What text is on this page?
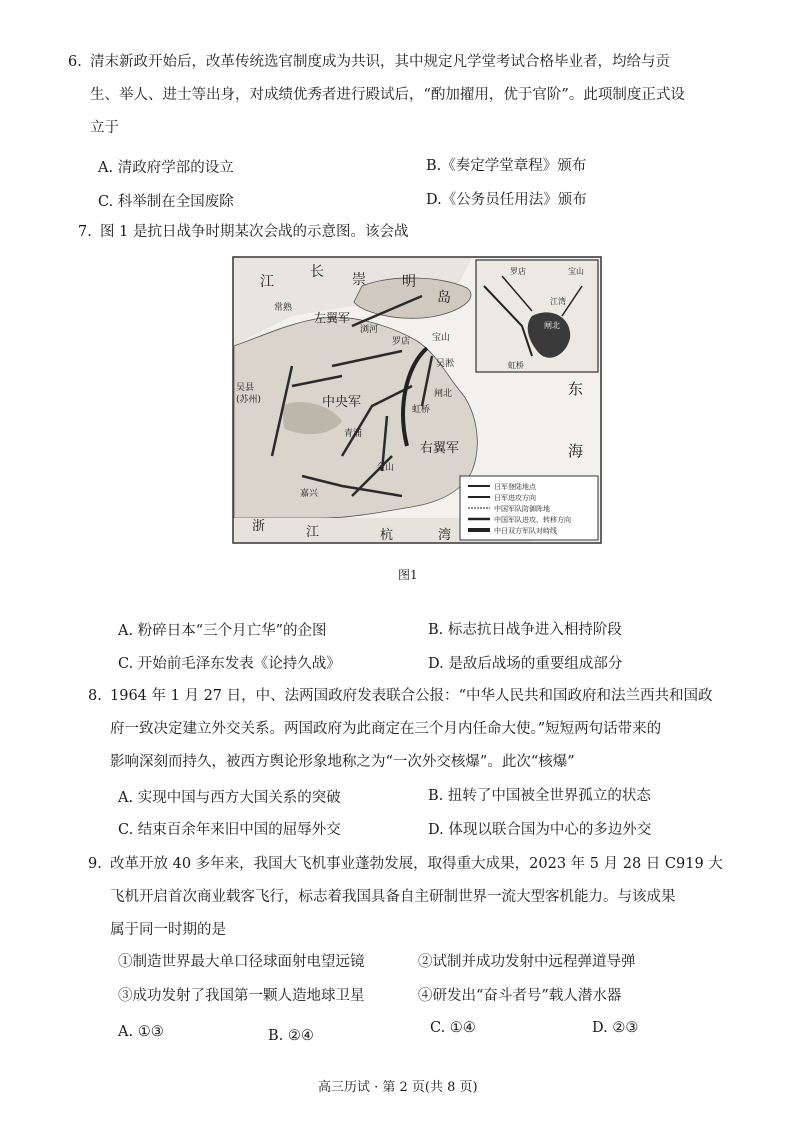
6. 清末新政开始后，改革传统选官制度成为共识，其中规定凡学堂考试合格毕业者，均给与贡
生、举人、进士等出身，对成绩优秀者进行殿试后，“酌加擢用，优于官阶”。此项制度正式设
立于
A. 清政府学部的设立	B.《奏定学堂章程》颁布
C. 科举制在全国废除	D.《公务员任用法》颁布
7. 图 1 是抗日战争时期某次会战的示意图。该会战
日军登陆地点
日军进攻方向
中国军队防御阵地
中国军队进攻、转移方向
中日双方军队对峙线
江
长 崇	明
岛
常熟
左翼军
浏河
罗店 宝山
吴淞
吴县
(苏州)	中央军
青浦
虹桥
闸北
右翼军
金山
嘉兴
东
海
浙	江	杭	湾
罗店	宝山
江湾
闸北
虹桥
图1
A. 粉碎日本“三个月亡华”的企图	B. 标志抗日战争进入相持阶段
C. 开始前毛泽东发表《论持久战》	D. 是敌后战场的重要组成部分
8. 1964 年 1 月 27 日，中、法两国政府发表联合公报：“中华人民共和国政府和法兰西共和国政
府一致决定建立外交关系。两国政府为此商定在三个月内任命大使。”短短两句话带来的
影响深刻而持久，被西方舆论形象地称之为“一次外交核爆”。此次“核爆”
A. 实现中国与西方大国关系的突破	B. 扭转了中国被全世界孤立的状态
C. 结束百余年来旧中国的屈辱外交	D. 体现以联合国为中心的多边外交
9. 改革开放 40 多年来，我国大飞机事业蓬勃发展，取得重大成果，2023 年 5 月 28 日 C919 大
飞机开启首次商业载客飞行，标志着我国具备自主研制世界一流大型客机能力。与该成果
属于同一时期的是
①制造世界最大单口径球面射电望远镜	②试制并成功发射中远程弹道导弹
③成功发射了我国第一颗人造地球卫星	④研发出“奋斗者号”载人潜水器
A. ①③	B. ②④	C. ①④	D. ②③
高三历试 · 第 2 页(共 8 页)
